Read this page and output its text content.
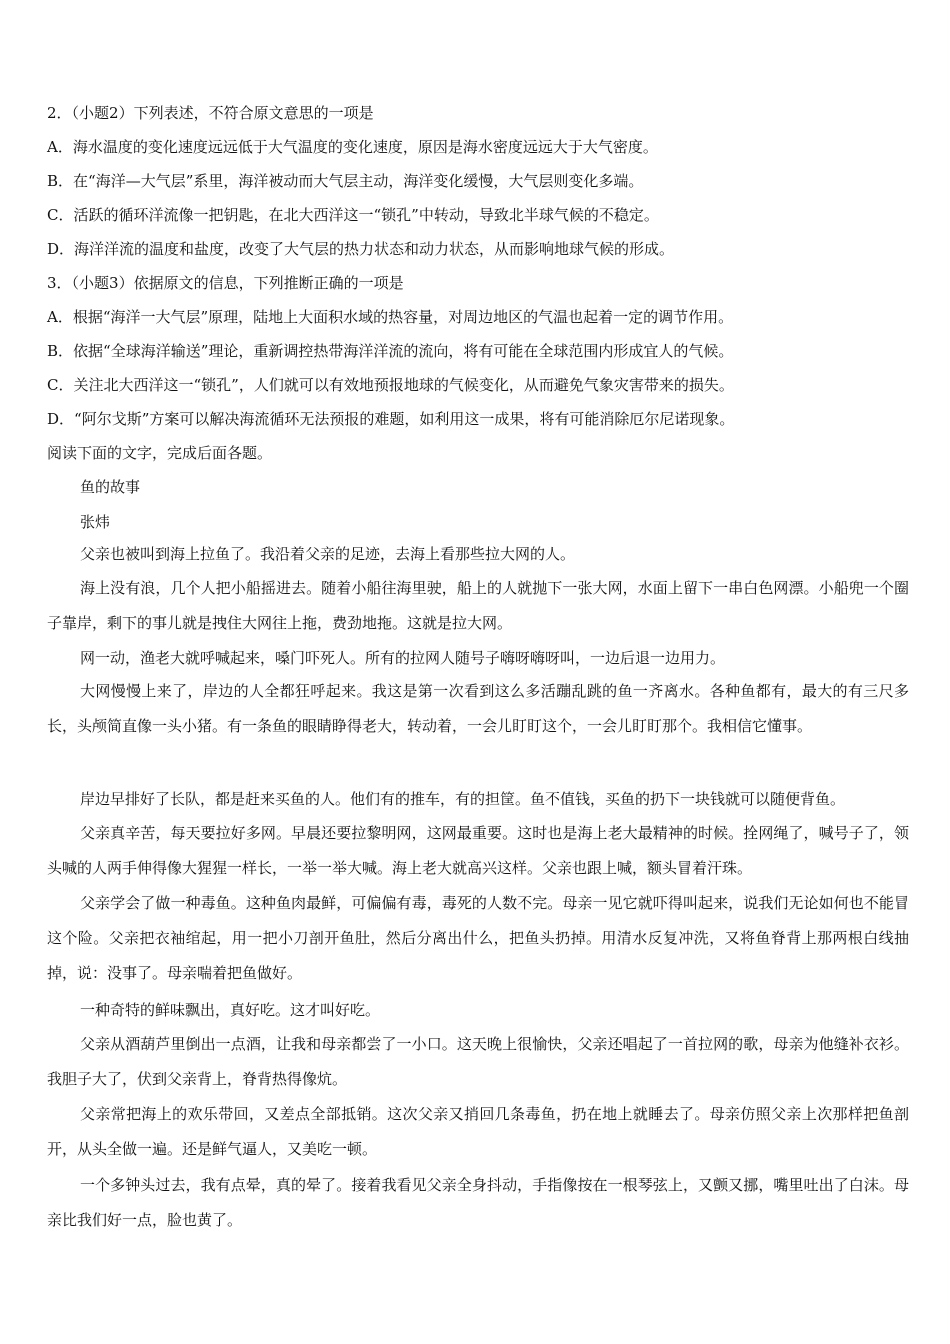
2．（小题2）下列表述，不符合原文意思的一项是
A．海水温度的变化速度远远低于大气温度的变化速度，原因是海水密度远远大于大气密度。
B．在“海洋—大气层”系里，海洋被动而大气层主动，海洋变化缓慢，大气层则变化多端。
C．活跃的循环洋流像一把钥匙，在北大西洋这一“锁孔”中转动，导致北半球气候的不稳定。
D．海洋洋流的温度和盐度，改变了大气层的热力状态和动力状态，从而影响地球气候的形成。
3．（小题3）依据原文的信息，下列推断正确的一项是
A．根据“海洋一大气层”原理，陆地上大面积水域的热容量，对周边地区的气温也起着一定的调节作用。
B．依据“全球海洋输送”理论，重新调控热带海洋洋流的流向，将有可能在全球范围内形成宜人的气候。
C．关注北大西洋这一“锁孔”，人们就可以有效地预报地球的气候变化，从而避免气象灾害带来的损失。
D．“阿尔戈斯”方案可以解决海流循环无法预报的难题，如利用这一成果，将有可能消除厄尔尼诺现象。
阅读下面的文字，完成后面各题。

鱼的故事

张炜

父亲也被叫到海上拉鱼了。我沿着父亲的足迹，去海上看那些拉大网的人。

海上没有浪，几个人把小船摇进去。随着小船往海里驶，船上的人就抛下一张大网，水面上留下一串白色网漂。小船兜一个圈子靠岸，剩下的事儿就是拽住大网往上拖，费劲地拖。这就是拉大网。

网一动，渔老大就呼喊起来，嗓门吓死人。所有的拉网人随号子嗨呀嗨呀叫，一边后退一边用力。

大网慢慢上来了，岸边的人全都狂呼起来。我这是第一次看到这么多活蹦乱跳的鱼一齐离水。各种鱼都有，最大的有三尺多长，头颅简直像一头小猪。有一条鱼的眼睛睁得老大，转动着，一会儿盯盯这个，一会儿盯盯那个。我相信它懂事。

岸边早排好了长队，都是赶来买鱼的人。他们有的推车，有的担筐。鱼不值钱，买鱼的扔下一块钱就可以随便背鱼。

父亲真辛苦，每天要拉好多网。早晨还要拉黎明网，这网最重要。这时也是海上老大最精神的时候。拴网绳了，喊号子了，领头喊的人两手伸得像大猩猩一样长，一举一举大喊。海上老大就高兴这样。父亲也跟上喊，额头冒着汗珠。

父亲学会了做一种毒鱼。这种鱼肉最鲜，可偏偏有毒，毒死的人数不完。母亲一见它就吓得叫起来，说我们无论如何也不能冒这个险。父亲把衣袖绾起，用一把小刀剖开鱼肚，然后分离出什么，把鱼头扔掉。用清水反复冲洗，又将鱼脊背上那两根白线抽掉，说：没事了。母亲喘着把鱼做好。

一种奇特的鲜味飘出，真好吃。这才叫好吃。

父亲从酒葫芦里倒出一点酒，让我和母亲都尝了一小口。这天晚上很愉快，父亲还唱起了一首拉网的歌，母亲为他缝补衣衫。我胆子大了，伏到父亲背上，脊背热得像炕。

父亲常把海上的欢乐带回，又差点全部抵销。这次父亲又捎回几条毒鱼，扔在地上就睡去了。母亲仿照父亲上次那样把鱼剖开，从头全做一遍。还是鲜气逼人，又美吃一顿。

一个多钟头过去，我有点晕，真的晕了。接着我看见父亲全身抖动，手指像按在一根琴弦上，又颤又挪，嘴里吐出了白沫。母亲比我们好一点，脸也黄了。
